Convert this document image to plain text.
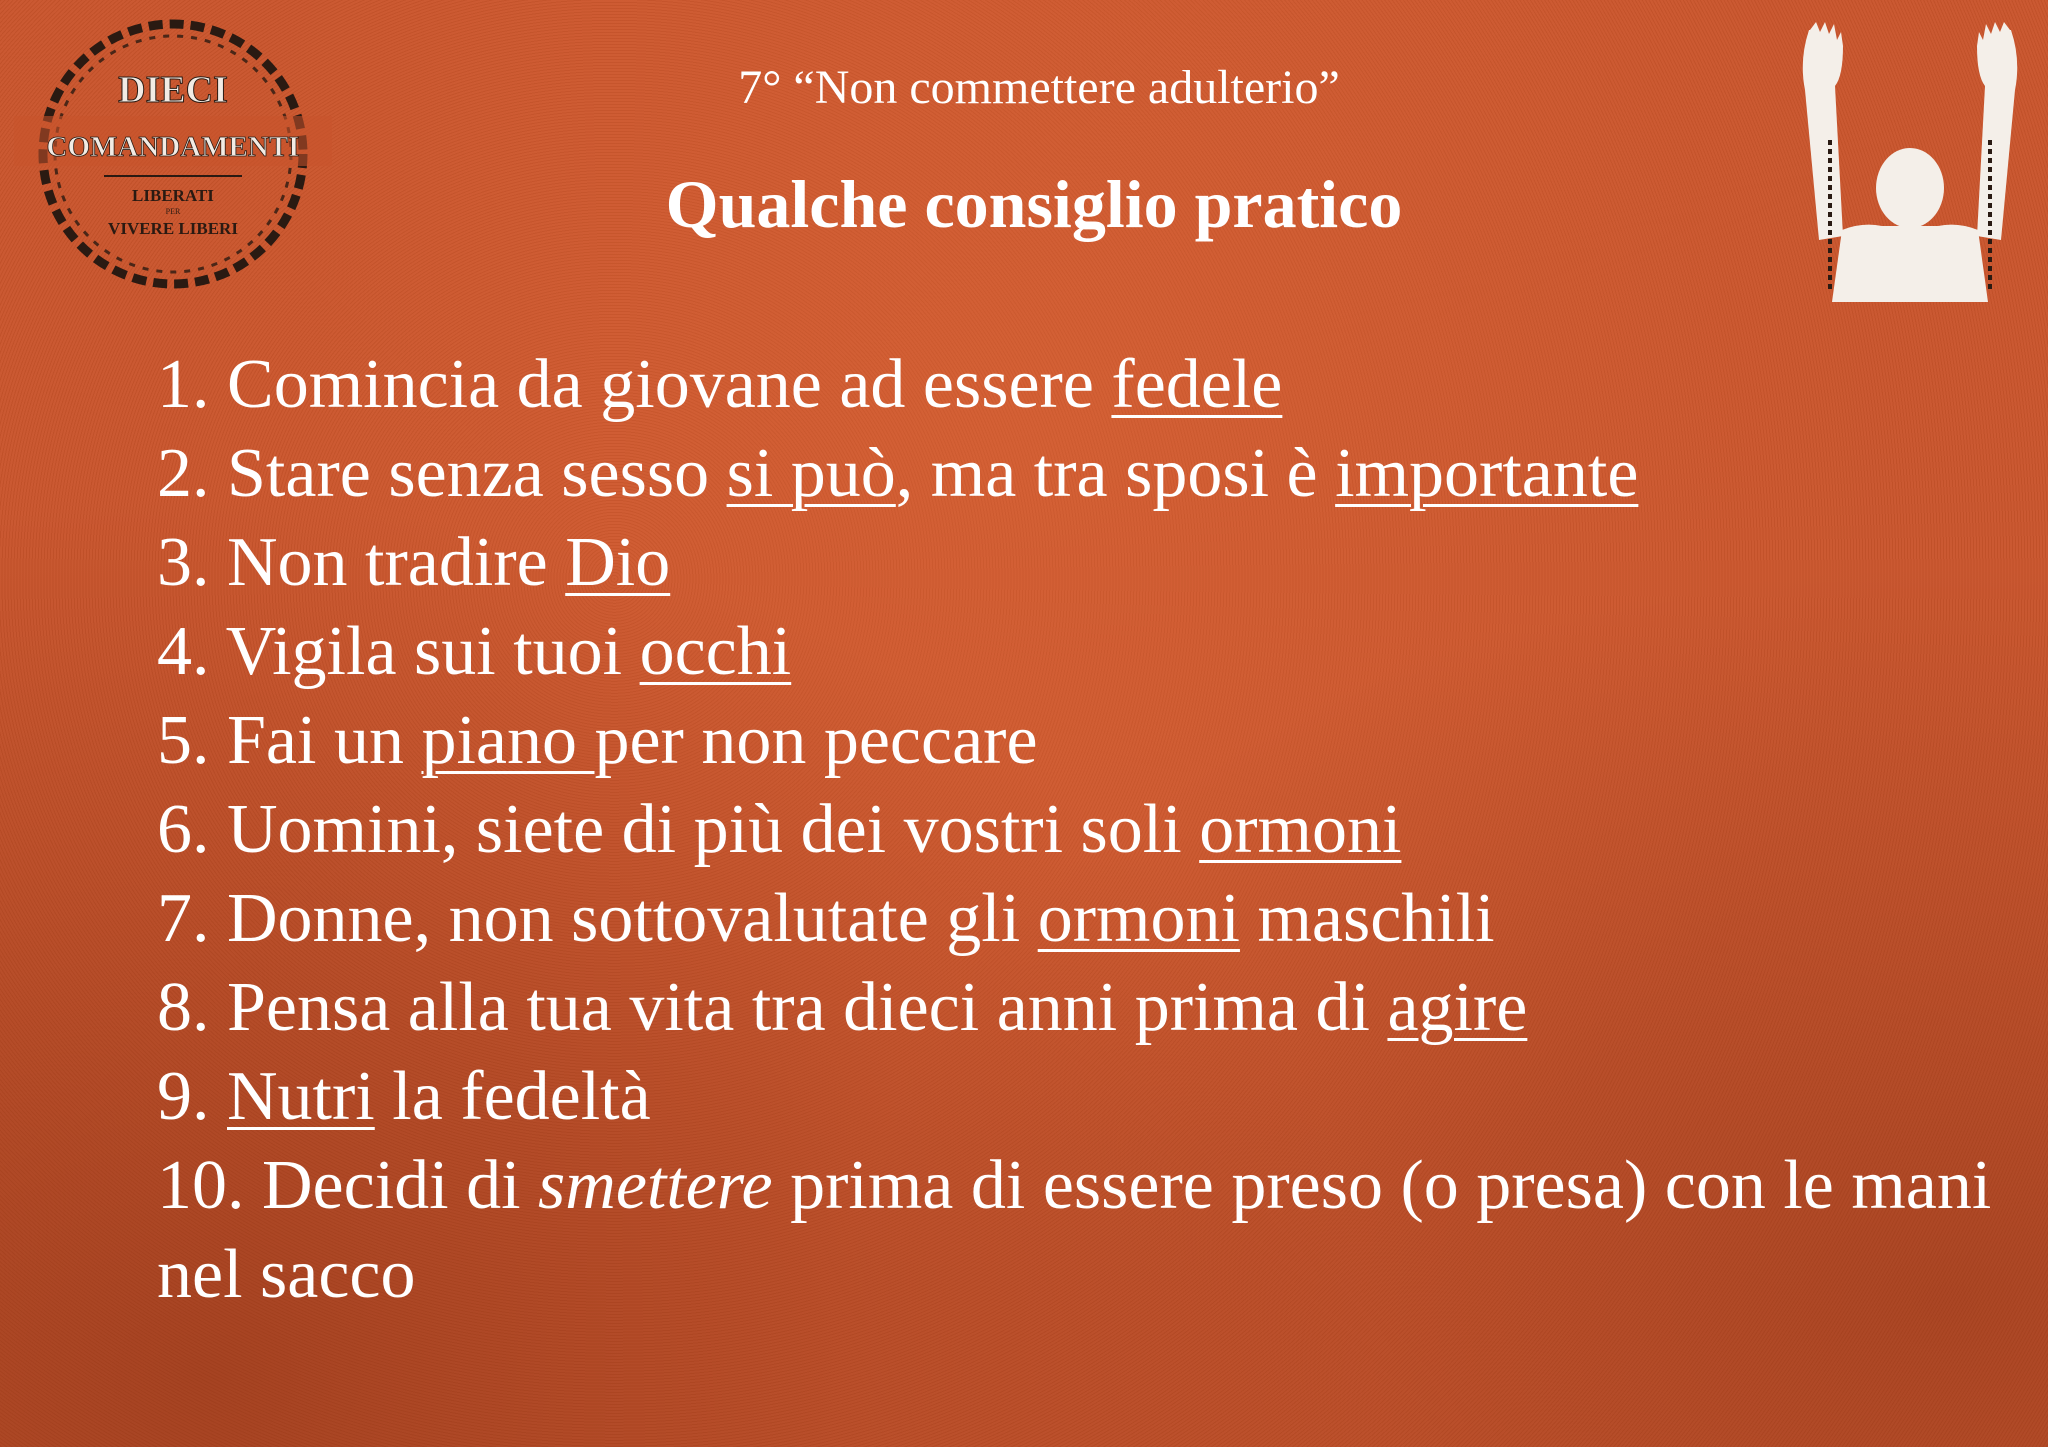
DIECI
COMANDAMENTI
LIBERATI
PER
VIVERE LIBERI
7° “Non commettere adulterio”
Qualche consiglio pratico
1. Comincia da giovane ad essere fedele
2. Stare senza sesso si può, ma tra sposi è importante
3. Non tradire Dio
4. Vigila sui tuoi occhi
5. Fai un piano per non peccare
6. Uomini, siete di più dei vostri soli ormoni
7. Donne, non sottovalutate gli ormoni maschili
8. Pensa alla tua vita tra dieci anni prima di agire
9. Nutri la fedeltà
10. Decidi di smettere prima di essere preso (o presa) con le mani nel sacco
